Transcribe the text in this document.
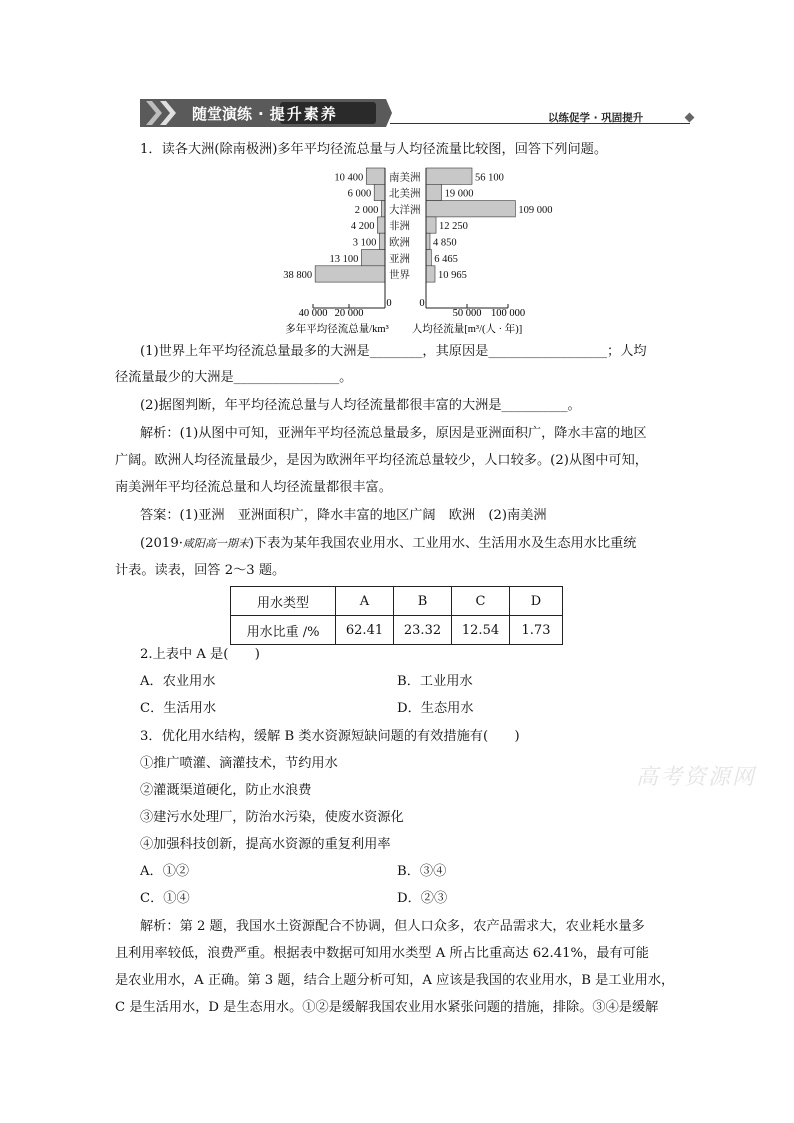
随堂演练 · 提升素养	以练促学 · 巩固提升
1．读各大洲(除南极洲)多年平均径流总量与人均径流量比较图，回答下列问题。
10 400
6 000
2 000
4 200
3 100
13 100
38 800
56 100
19 000
109 000
12 250
4 850
6 465
10 965
南美洲
北美洲
大洋洲
非洲
欧洲
亚洲
世界
40 000 20 000
0	0
50 000 100 000
多年平均径流总量/km³ 人均径流量[m³/(人 · 年)]
(1)世界上年平均径流总量最多的大洲是________，其原因是__________________；人均
径流量最少的大洲是________________。
(2)据图判断，年平均径流总量与人均径流量都很丰富的大洲是__________。
解析：(1)从图中可知，亚洲年平均径流总量最多，原因是亚洲面积广，降水丰富的地区
广阔。欧洲人均径流量最少，是因为欧洲年平均径流总量较少，人口较多。(2)从图中可知，
南美洲年平均径流总量和人均径流量都很丰富。
答案：(1)亚洲　亚洲面积广，降水丰富的地区广阔　欧洲　(2)南美洲
(2019·咸阳高一期末)下表为某年我国农业用水、工业用水、生活用水及生态用水比重统
计表。读表，回答 2～3 题。
用水类型	A	B	C	D
用水比重 /%	62.41	23.32	12.54	1.73
2.上表中 A 是(　　)
A．农业用水	B．工业用水
C．生活用水	D．生态用水
3．优化用水结构，缓解 B 类水资源短缺问题的有效措施有(　　)
①推广喷灌、滴灌技术，节约用水
②灌溉渠道硬化，防止水浪费
③建污水处理厂，防治水污染，使废水资源化
④加强科技创新，提高水资源的重复利用率
A．①②	B．③④
C．①④	D．②③
解析：第 2 题，我国水土资源配合不协调，但人口众多，农产品需求大，农业耗水量多
且利用率较低，浪费严重。根据表中数据可知用水类型 A 所占比重高达 62.41%，最有可能
是农业用水，A 正确。第 3 题，结合上题分析可知，A 应该是我国的农业用水，B 是工业用水，
C 是生活用水，D 是生态用水。①②是缓解我国农业用水紧张问题的措施，排除。③④是缓解
高考资源网
